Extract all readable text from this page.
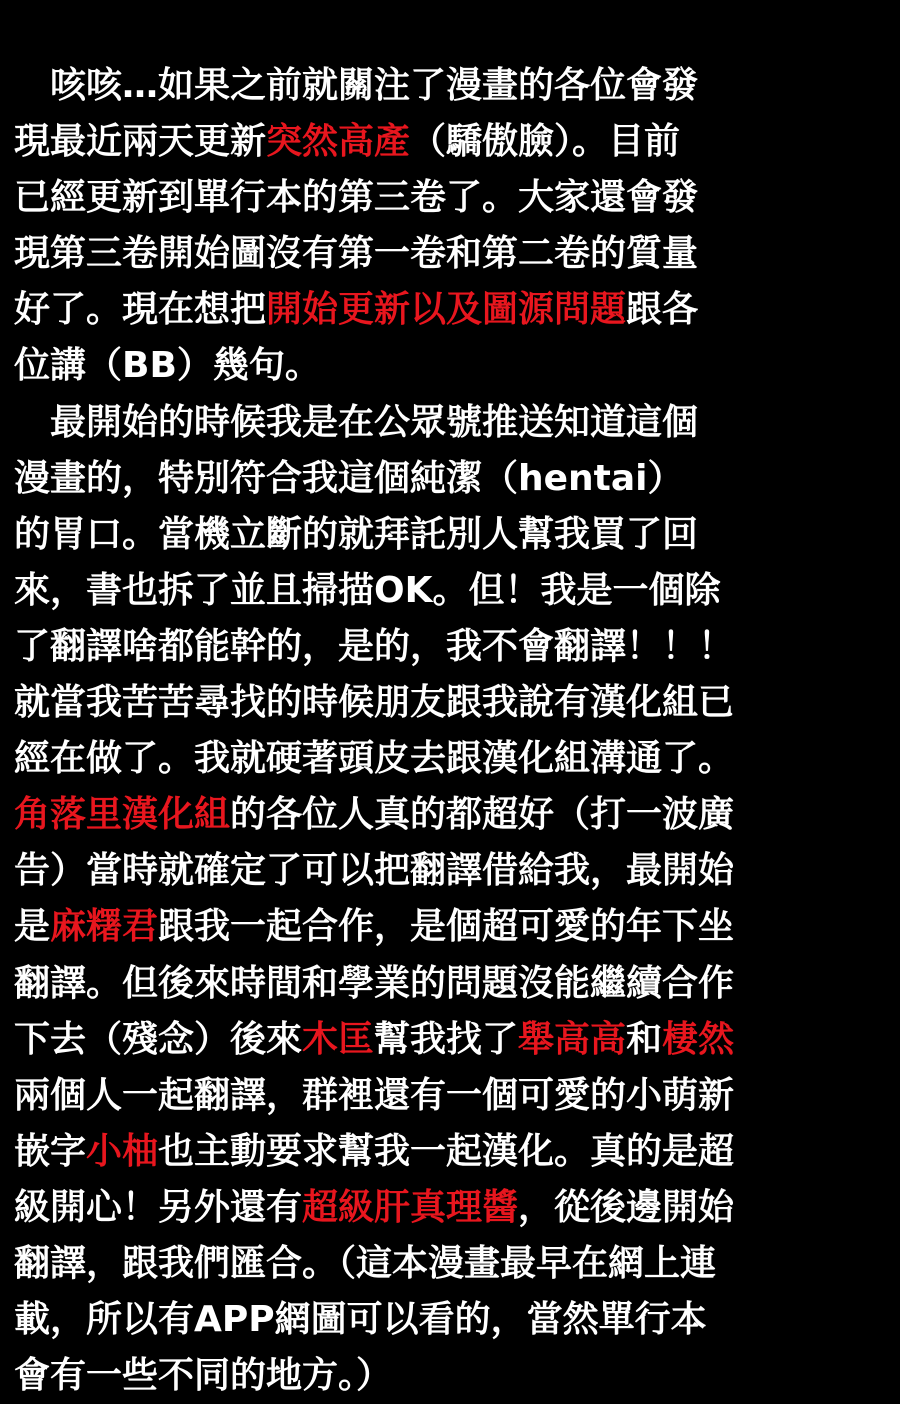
　咳咳…如果之前就關注了漫畫的各位會發
現最近兩天更新突然高產（驕傲臉）。目前
已經更新到單行本的第三卷了。大家還會發
現第三卷開始圖沒有第一卷和第二卷的質量
好了。現在想把開始更新以及圖源問題跟各
位講（BB）幾句。
　最開始的時候我是在公眾號推送知道這個
漫畫的，特別符合我這個純潔（hentai）
的胃口。當機立斷的就拜託別人幫我買了回
來，書也拆了並且掃描OK。但！我是一個除
了翻譯啥都能幹的，是的，我不會翻譯！！！
就當我苦苦尋找的時候朋友跟我說有漢化組已
經在做了。我就硬著頭皮去跟漢化組溝通了。
角落里漢化組的各位人真的都超好（打一波廣
告）當時就確定了可以把翻譯借給我，最開始
是麻糬君跟我一起合作，是個超可愛的年下坐
翻譯。但後來時間和學業的問題沒能繼續合作
下去（殘念）後來木匡幫我找了舉高高和棲然
兩個人一起翻譯，群裡還有一個可愛的小萌新
嵌字小柚也主動要求幫我一起漢化。真的是超
級開心！另外還有超級肝真理醬，從後邊開始
翻譯，跟我們匯合。（這本漫畫最早在網上連
載，所以有APP網圖可以看的，當然單行本
會有一些不同的地方。）
